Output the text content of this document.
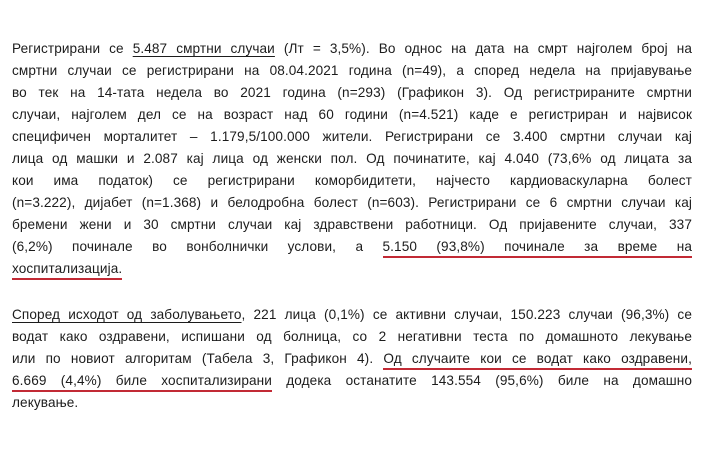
Регистрирани се 5.487 смртни случаи (Лт = 3,5%). Во однос на дата на смрт најголем број на
смртни случаи се регистрирани на 08.04.2021 година (n=49), а според недела на пријавување
во тек на 14-тата недела во 2021 година (n=293) (Графикон 3). Од регистрираните смртни
случаи, најголем дел се на возраст над 60 години (n=4.521) каде е регистриран и највисок
специфичен морталитет – 1.179,5/100.000 жители. Регистрирани се 3.400 смртни случаи кај
лица од машки и 2.087 кај лица од женски пол. Од починатите, кај 4.040 (73,6% од лицата за
кои има податок) се регистрирани коморбидитети, најчесто кардиоваскуларна болест
(n=3.222), дијабет (n=1.368) и белодробна болест (n=603). Регистрирани се 6 смртни случаи кај
бремени жени и 30 смртни случаи кај здравствени работници. Од пријавените случаи, 337
(6,2%) починале во вонболнички услови, а 5.150 (93,8%) починале за време на
хоспитализација.
Според исходот од заболувањето, 221 лица (0,1%) се активни случаи, 150.223 случаи (96,3%) се
водат како оздравени, испишани од болница, со 2 негативни теста по домашното лекување
или по новиот алгоритам (Табела 3, Графикон 4). Од случаите кои се водат како оздравени,
6.669 (4,4%) биле хоспитализирани додека останатите 143.554 (95,6%) биле на домашно
лекување.
